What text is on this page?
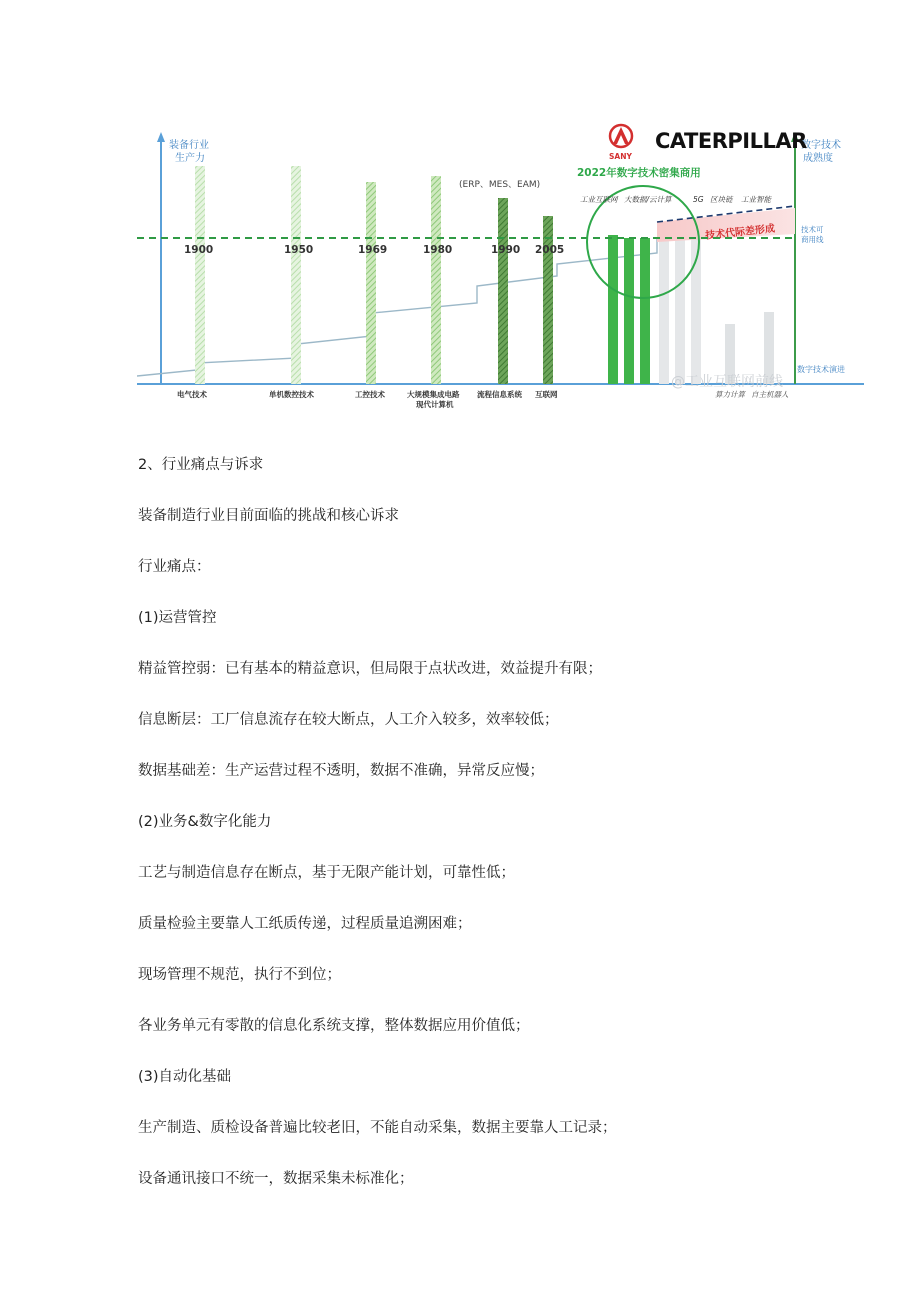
装备行业
生产力
数字技术
成熟度
技术代际差形成	技术可
商用线
1900	1950	1969	1980	1990 2005
(ERP、MES、EAM)
2022年数字技术密集商用
工业互联网 大数据/云计算	5G 区块链 工业智能
SANY
CATERPILLAR
数字技术演进
算力计算 自主机器人
@工业互联网前线
电气技术	单机数控技术	工控技术	大规模集成电路
现代计算机
流程信息系统 互联网
2、行业痛点与诉求
装备制造行业目前面临的挑战和核心诉求
行业痛点：
(1)运营管控
精益管控弱：已有基本的精益意识，但局限于点状改进，效益提升有限；
信息断层：工厂信息流存在较大断点，人工介入较多，效率较低；
数据基础差：生产运营过程不透明，数据不准确，异常反应慢；
(2)业务&数字化能力
工艺与制造信息存在断点，基于无限产能计划，可靠性低；
质量检验主要靠人工纸质传递，过程质量追溯困难；
现场管理不规范，执行不到位；
各业务单元有零散的信息化系统支撑，整体数据应用价值低；
(3)自动化基础
生产制造、质检设备普遍比较老旧，不能自动采集，数据主要靠人工记录；
设备通讯接口不统一，数据采集未标准化；
